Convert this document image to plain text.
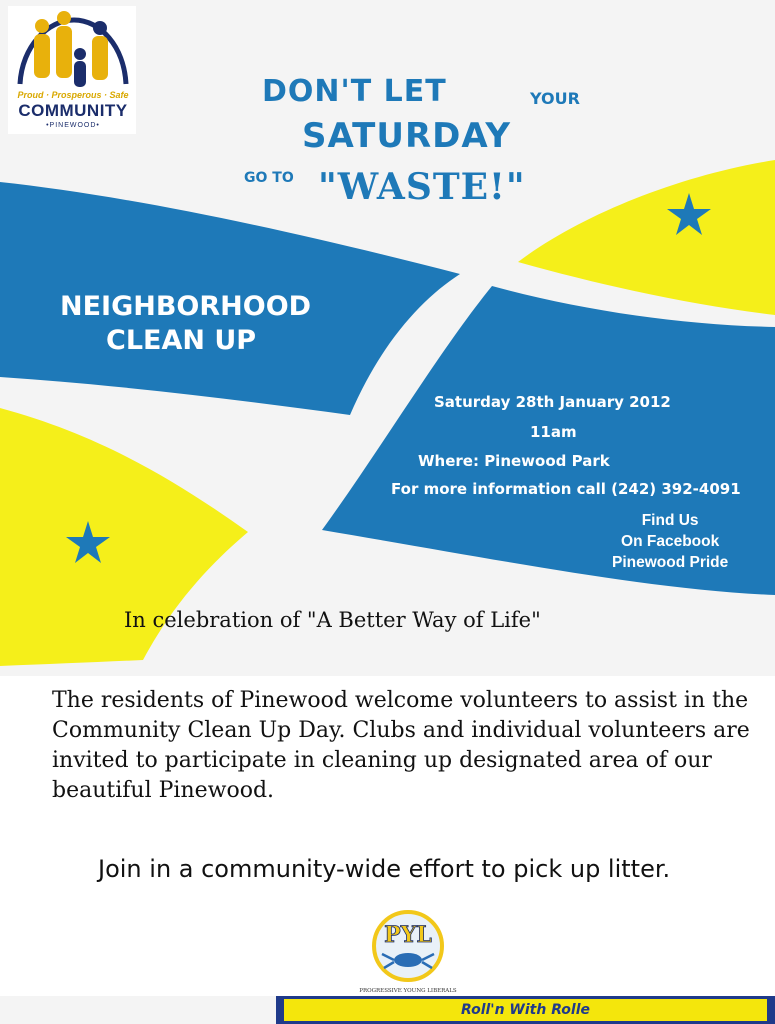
Proud · Prosperous · Safe
COMMUNITY
•PINEWOOD•
DON'T LET	YOUR
SATURDAY
GO TO "WASTE!"
NEIGHBORHOOD
CLEAN UP
Saturday 28th January 2012
11am
Where: Pinewood Park
For more information call (242) 392-4091
Find Us
On Facebook
Pinewood Pride
In celebration of "A Better Way of Life"

The residents of Pinewood welcome volunteers to assist in the Community Clean Up Day. Clubs and individual volunteers are invited to participate in cleaning up designated area of our beautiful Pinewood.

Join in a community-wide effort to pick up litter.
PYL
PROGRESSIVE YOUNG LIBERALS
Roll'n With Rolle
